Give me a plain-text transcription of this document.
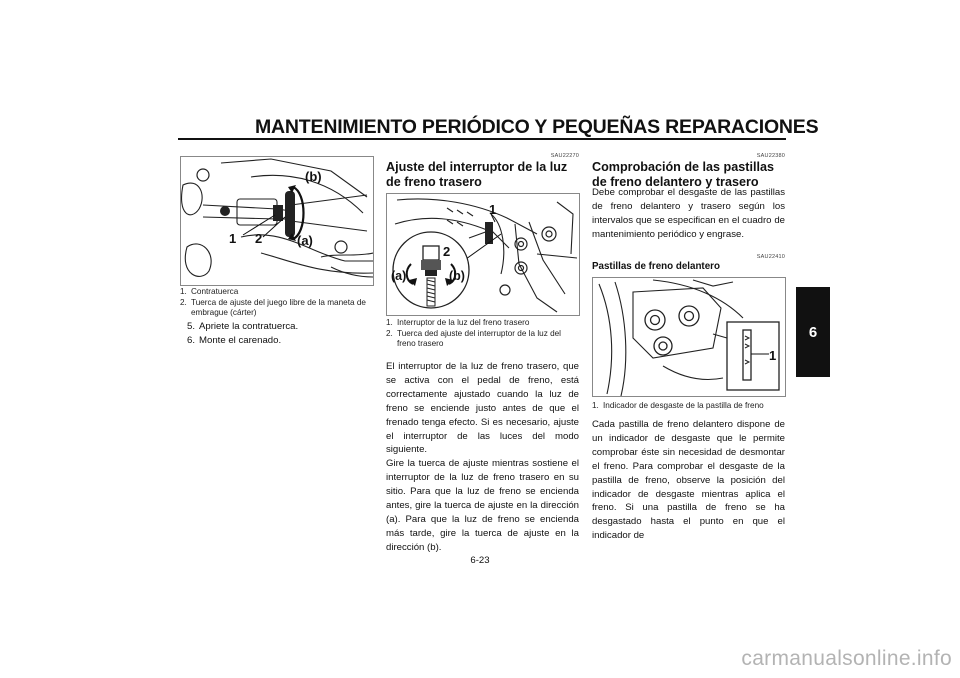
MANTENIMIENTO PERIÓDICO Y PEQUEÑAS REPARACIONES
6
(b)
(a)
1 2
1. Contratuerca
2. Tuerca de ajuste del juego libre de la maneta de embrague (cárter)
5. Apriete la contratuerca.
6. Monte el carenado.
SAU22270
Ajuste del interruptor de la luz de freno trasero
1
2
(a)	(b)
1. Interruptor de la luz del freno trasero
2. Tuerca ded ajuste del interruptor de la luz del freno trasero

El interruptor de la luz de freno trasero, que se activa con el pedal de freno, está correctamente ajustado cuando la luz de freno se enciende justo antes de que el frenado tenga efecto. Si es necesario, ajuste el interruptor de las luces del modo siguiente.

Gire la tuerca de ajuste mientras sostiene el interruptor de la luz de freno trasero en su sitio. Para que la luz de freno se encienda antes, gire la tuerca de ajuste en la dirección (a). Para que la luz de freno se encienda más tarde, gire la tuerca de ajuste en la dirección (b).

SAU22380
Comprobación de las pastillas de freno delantero y trasero
Debe comprobar el desgaste de las pastillas de freno delantero y trasero según los intervalos que se especifican en el cuadro de mantenimiento periódico y engrase.
SAU22410
Pastillas de freno delantero
1
1. Indicador de desgaste de la pastilla de freno
Cada pastilla de freno delantero dispone de un indicador de desgaste que le permite comprobar éste sin necesidad de desmontar el freno. Para comprobar el desgaste de la pastilla de freno, observe la posición del indicador de desgaste mientras aplica el freno. Si una pastilla de freno se ha desgastado hasta el punto en que el indicador de
6-23
carmanualsonline.info
